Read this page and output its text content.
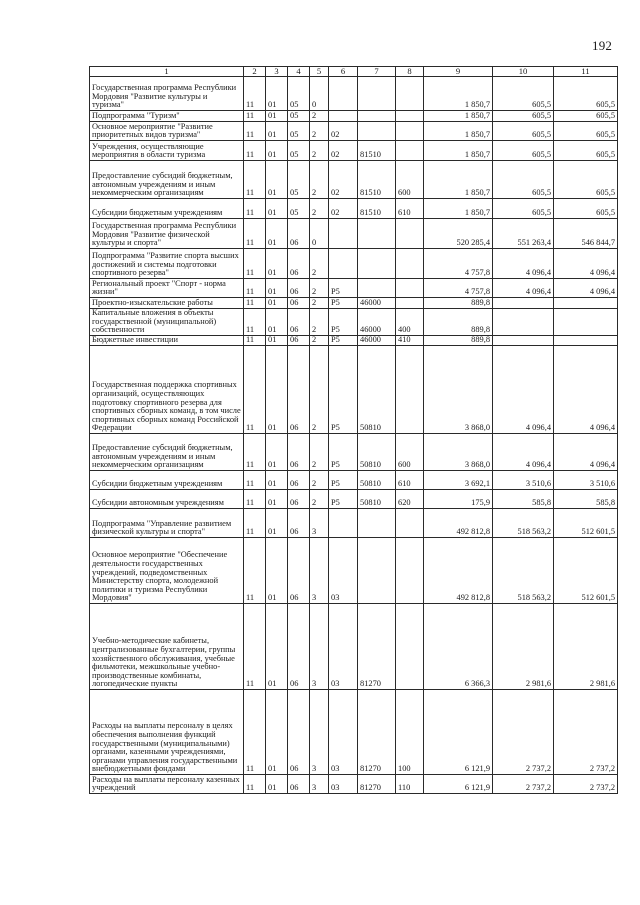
192
1	2	3	4	5	6	7	8	9	10	11
Государственная программа Республики Мордовия "Развитие культуры и туризма"	11	01	05	0				1 850,7	605,5	605,5
Подпрограмма "Туризм"	11	01	05	2				1 850,7	605,5	605,5
Основное мероприятие "Развитие приоритетных видов туризма"	11	01	05	2	02			1 850,7	605,5	605,5
Учреждения, осуществляющие мероприятия в области туризма	11	01	05	2	02	81510		1 850,7	605,5	605,5
Предоставление субсидий бюджетным, автономным учреждениям и иным некоммерческим организациям	11	01	05	2	02	81510	600	1 850,7	605,5	605,5
Субсидии бюджетным учреждениям	11	01	05	2	02	81510	610	1 850,7	605,5	605,5
Государственная программа Республики Мордовия "Развитие физической культуры и спорта"	11	01	06	0				520 285,4	551 263,4	546 844,7
Подпрограмма "Развитие спорта высших достижений и системы подготовки спортивного резерва"	11	01	06	2				4 757,8	4 096,4	4 096,4
Региональный проект "Спорт - норма жизни"	11	01	06	2	P5			4 757,8	4 096,4	4 096,4
Проектно-изыскательские работы	11	01	06	2	P5	46000		889,8		
Капитальные вложения в объекты государственной (муниципальной) собственности	11	01	06	2	P5	46000	400	889,8		
Бюджетные инвестиции	11	01	06	2	P5	46000	410	889,8		
Государственная поддержка спортивных организаций, осуществляющих подготовку спортивного резерва для спортивных сборных команд, в том числе спортивных сборных команд Российской Федерации	11	01	06	2	P5	50810		3 868,0	4 096,4	4 096,4
Предоставление субсидий бюджетным, автономным учреждениям и иным некоммерческим организациям	11	01	06	2	P5	50810	600	3 868,0	4 096,4	4 096,4
Субсидии бюджетным учреждениям	11	01	06	2	P5	50810	610	3 692,1	3 510,6	3 510,6
Субсидии автономным учреждениям	11	01	06	2	P5	50810	620	175,9	585,8	585,8
Подпрограмма "Управление развитием физической культуры и спорта"	11	01	06	3				492 812,8	518 563,2	512 601,5
Основное мероприятие "Обеспечение деятельности государственных учреждений, подведомственных Министерству спорта, молодежной политики и туризма Республики Мордовия"	11	01	06	3	03			492 812,8	518 563,2	512 601,5
Учебно-методические кабинеты, централизованные бухгалтерии, группы хозяйственного обслуживания, учебные фильмотеки, межшкольные учебно-производственные комбинаты, логопедические пункты	11	01	06	3	03	81270		6 366,3	2 981,6	2 981,6
Расходы на выплаты персоналу в целях обеспечения выполнения функций государственными (муниципальными) органами, казенными учреждениями, органами управления государственными внебюджетными фондами	11	01	06	3	03	81270	100	6 121,9	2 737,2	2 737,2
Расходы на выплаты персоналу казенных учреждений	11	01	06	3	03	81270	110	6 121,9	2 737,2	2 737,2
